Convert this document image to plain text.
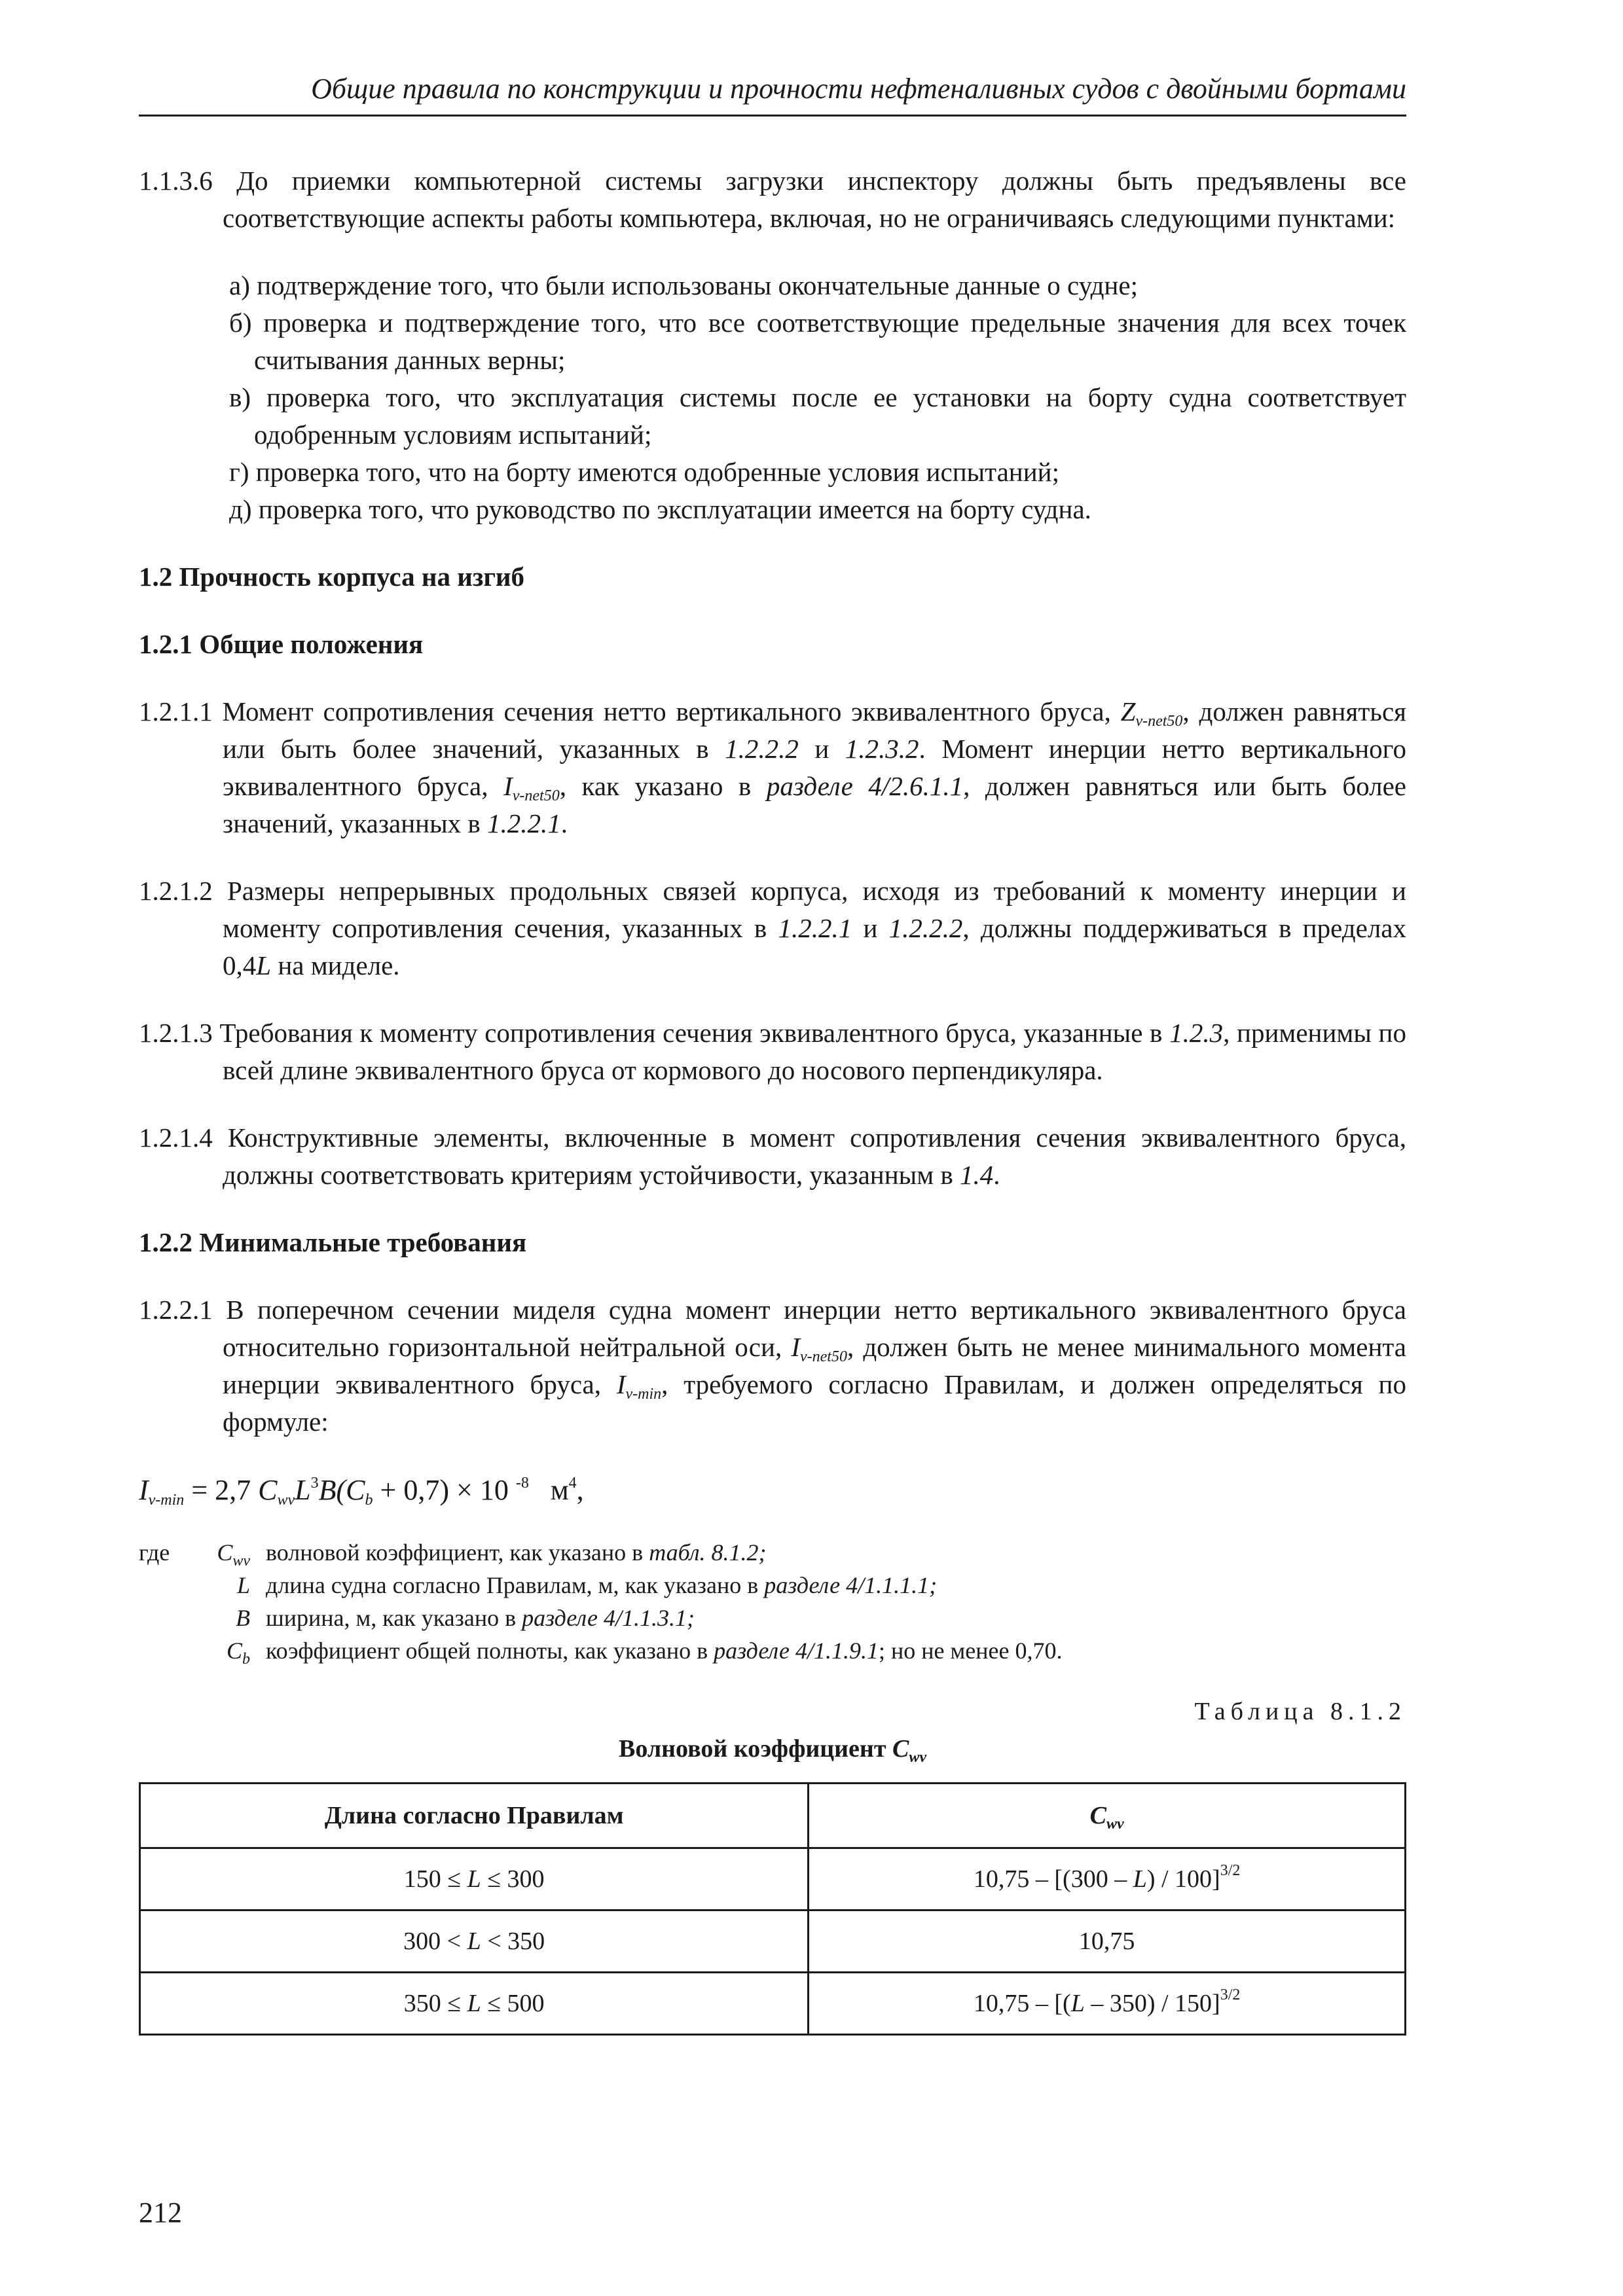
Общие правила по конструкции и прочности нефтеналивных судов с двойными бортами
1.1.3.6 До приемки компьютерной системы загрузки инспектору должны быть предъявлены все соответствующие аспекты работы компьютера, включая, но не ограничиваясь следующими пунктами:
а) подтверждение того, что были использованы окончательные данные о судне;
б) проверка и подтверждение того, что все соответствующие предельные значения для всех точек считывания данных верны;
в) проверка того, что эксплуатация системы после ее установки на борту судна соответствует одобренным условиям испытаний;
г) проверка того, что на борту имеются одобренные условия испытаний;
д) проверка того, что руководство по эксплуатации имеется на борту судна.
1.2 Прочность корпуса на изгиб
1.2.1 Общие положения
1.2.1.1 Момент сопротивления сечения нетто вертикального эквивалентного бруса, $Z_{v-net50}$, должен равняться или быть более значений, указанных в 1.2.2.2 и 1.2.3.2. Момент инерции нетто вертикального эквивалентного бруса, $I_{v-net50}$, как указано в разделе 4/2.6.1.1, должен равняться или быть более значений, указанных в 1.2.2.1.
1.2.1.2 Размеры непрерывных продольных связей корпуса, исходя из требований к моменту инерции и моменту сопротивления сечения, указанных в 1.2.2.1 и 1.2.2.2, должны поддерживаться в пределах 0,4L на миделе.
1.2.1.3 Требования к моменту сопротивления сечения эквивалентного бруса, указанные в 1.2.3, применимы по всей длине эквивалентного бруса от кормового до носового перпендикуляра.
1.2.1.4 Конструктивные элементы, включенные в момент сопротивления сечения эквивалентного бруса, должны соответствовать критериям устойчивости, указанным в 1.4.
1.2.2 Минимальные требования
1.2.2.1 В поперечном сечении миделя судна момент инерции нетто вертикального эквивалентного бруса относительно горизонтальной нейтральной оси, $I_{v-net50}$, должен быть не менее минимального момента инерции эквивалентного бруса, $I_{v-min}$, требуемого согласно Правилам, и должен определяться по формуле:
$I_{v-min} = 2,7$ $C_{wv}L^3B(C_b + 0,7) \times 10$ $^{-8}$   $м^4$,
где	$C_{wv}$ волновой коэффициент, как указано в табл. 8.1.2;
L длина судна согласно Правилам, м, как указано в разделе 4/1.1.1.1;
B ширина, м, как указано в разделе 4/1.1.3.1;
$C_b$ коэффициент общей полноты, как указано в разделе 4/1.1.9.1; но не менее 0,70.
Таблица 8.1.2
Волновой коэффициент $C_{wv}$
Длина согласно Правилам	$C_{wv}$
150 ≤ L ≤ 300	10,75 – [(300 – L) / 100]$^{3/2}$
300 < L < 350	10,75
350 ≤ L ≤ 500	10,75 – [(L – 350) / 150]$^{3/2}$
212
